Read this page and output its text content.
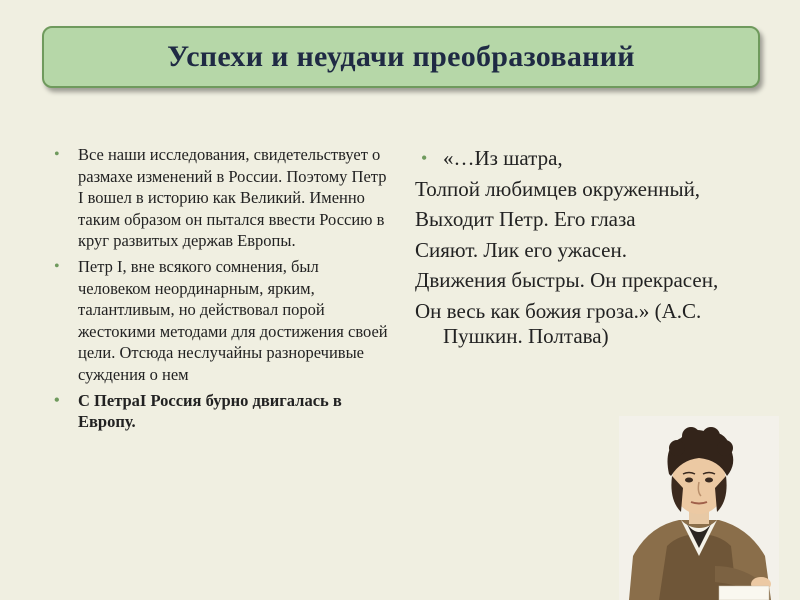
Успехи и неудачи преобразований
• Все наши исследования, свидетельствует о размахе изменений в России. Поэтому Петр I вошел в историю как Великий. Именно таким образом он пытался ввести Россию в круг развитых держав Европы.
• Петр I, вне всякого сомнения, был человеком неординарным, ярким, талантливым, но действовал порой жестокими методами для достижения своей цели. Отсюда неслучайны разноречивые суждения о нем
• С ПетраI Россия бурно двигалась в Европу.
• «…Из шатра,
Толпой любимцев окруженный,
Выходит Петр. Его глаза
Сияют. Лик его ужасен.
Движения быстры. Он прекрасен,
Он весь как божия гроза.» (А.С. Пушкин. Полтава)
